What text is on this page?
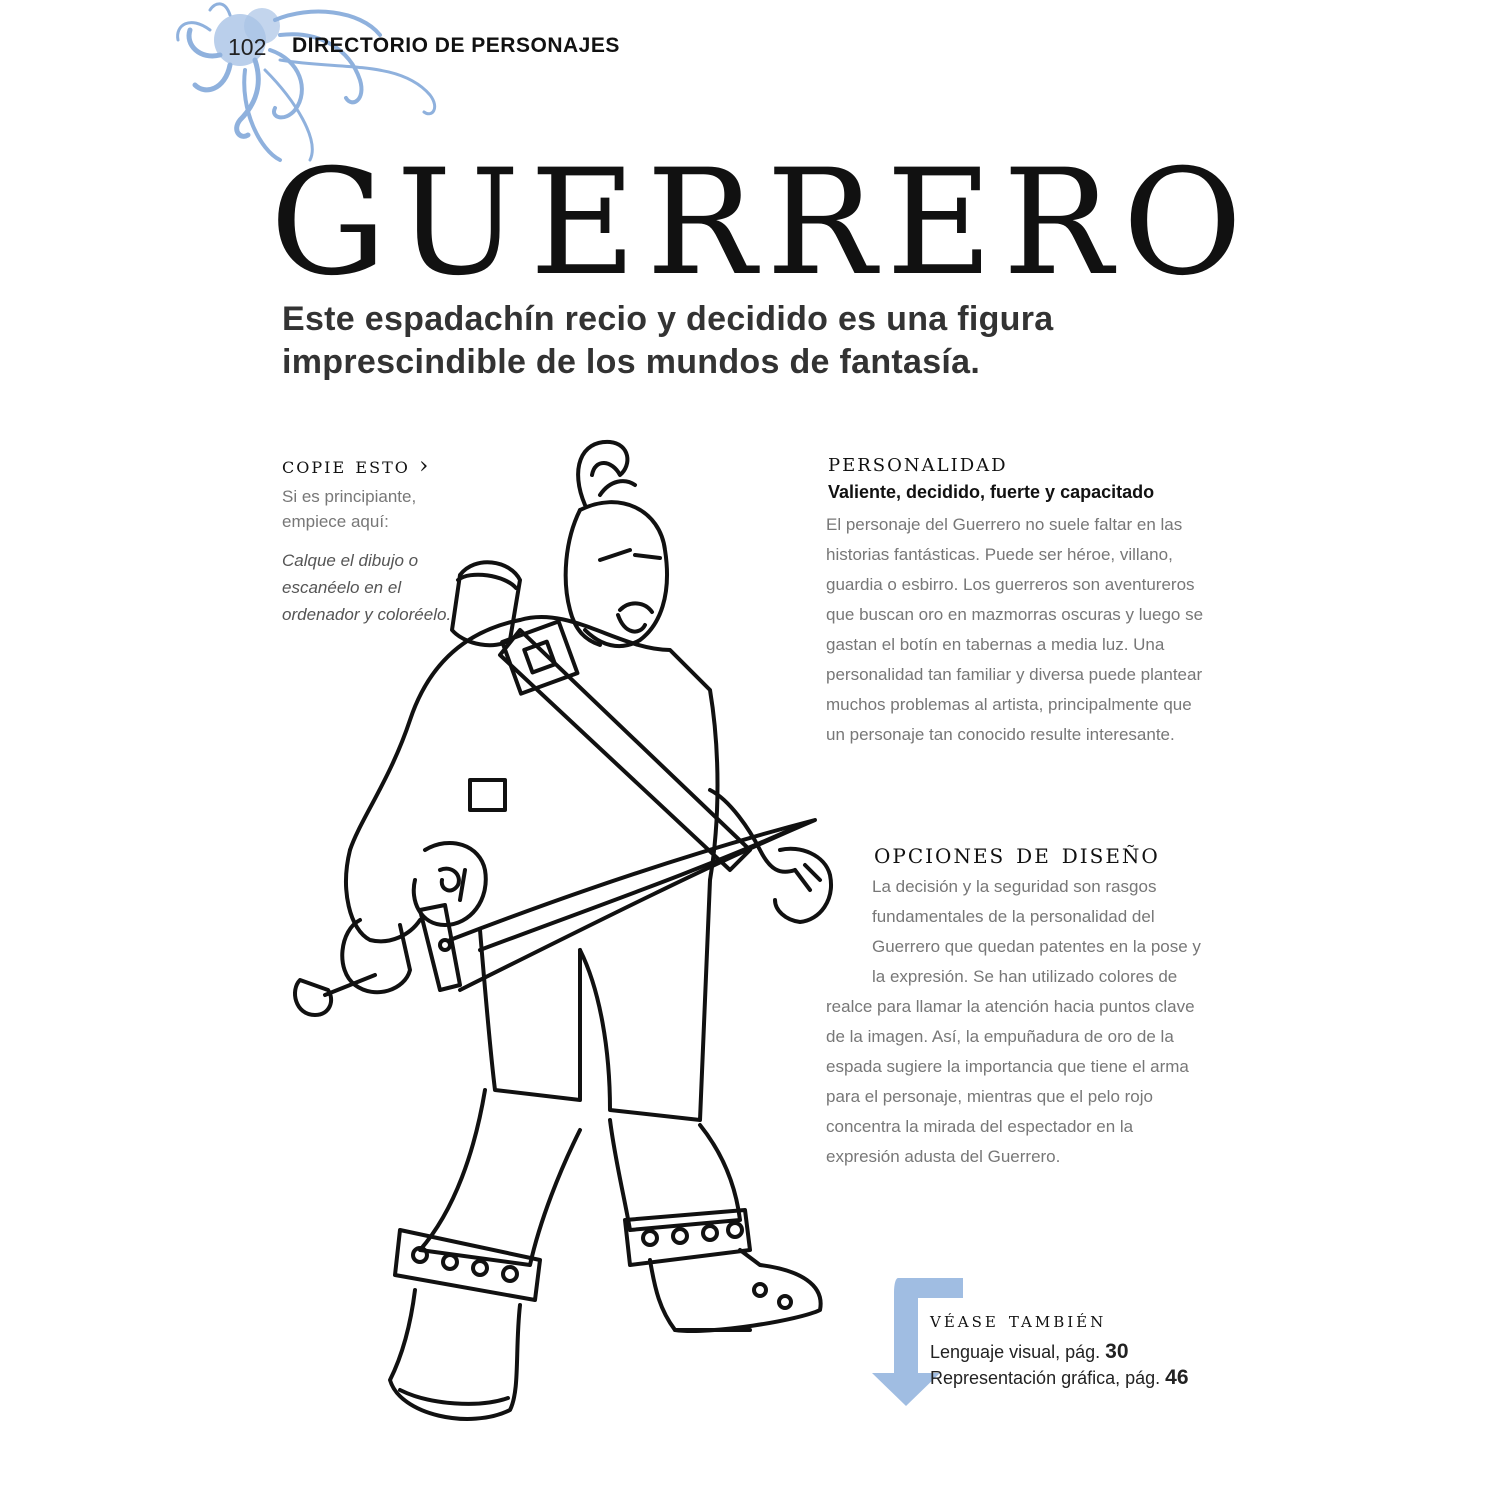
102 DIRECTORIO DE PERSONAJES
GUERRERO
Este espadachín recio y decidido es una figura imprescindible de los mundos de fantasía.
copie esto ›
Si es principiante, empiece aquí:
Calque el dibujo o escanéelo en el ordenador y coloréelo.
personalidad
Valiente, decidido, fuerte y capacitado
El personaje del Guerrero no suele faltar en las historias fantásticas. Puede ser héroe, villano, guardia o esbirro. Los guerreros son aventureros que buscan oro en mazmorras oscuras y luego se gastan el botín en tabernas a media luz. Una personalidad tan familiar y diversa puede plantear muchos problemas al artista, principalmente que un personaje tan conocido resulte interesante.
opciones de diseño
La decisión y la seguridad son rasgos fundamentales de la personalidad del Guerrero que quedan patentes en la pose y la expresión. Se han utilizado colores de realce para llamar la atención hacia puntos clave de la imagen. Así, la empuñadura de oro de la espada sugiere la importancia que tiene el arma para el personaje, mientras que el pelo rojo concentra la mirada del espectador en la expresión adusta del Guerrero.
véase también
Lenguaje visual, pág. 30
Representación gráfica, pág. 46
